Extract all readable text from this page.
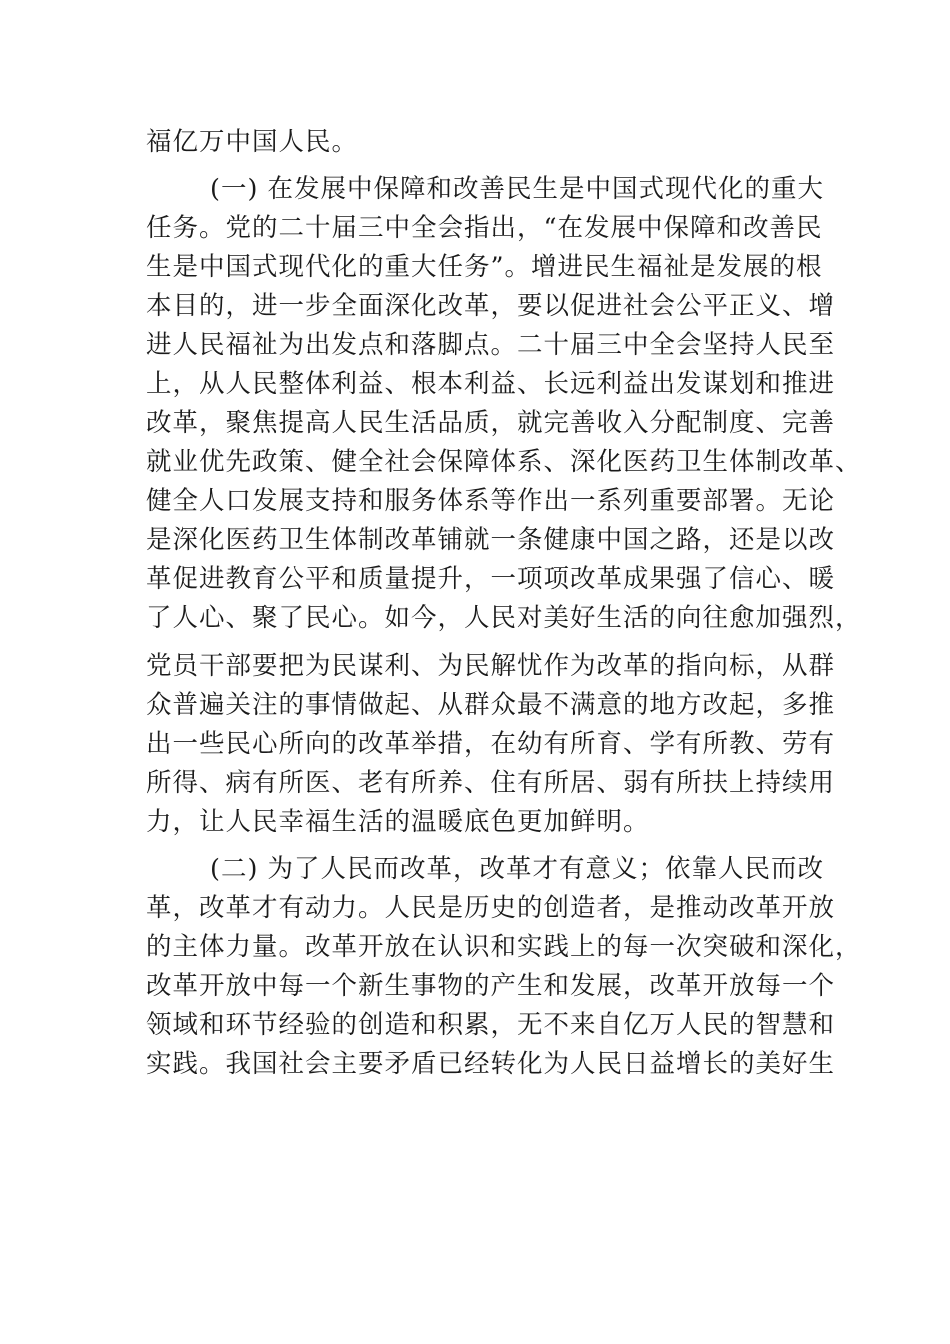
福亿万中国人民。
(一) 在发展中保障和改善民生是中国式现代化的重大
任务。党的二十届三中全会指出，“在发展中保障和改善民
生是中国式现代化的重大任务”。增进民生福祉是发展的根
本目的，进一步全面深化改革，要以促进社会公平正义、增
进人民福祉为出发点和落脚点。二十届三中全会坚持人民至
上，从人民整体利益、根本利益、长远利益出发谋划和推进
改革，聚焦提高人民生活品质，就完善收入分配制度、完善
就业优先政策、健全社会保障体系、深化医药卫生体制改革、
健全人口发展支持和服务体系等作出一系列重要部署。无论
是深化医药卫生体制改革铺就一条健康中国之路，还是以改
革促进教育公平和质量提升，一项项改革成果强了信心、暖
了人心、聚了民心。如今，人民对美好生活的向往愈加强烈，
党员干部要把为民谋利、为民解忧作为改革的指向标，从群
众普遍关注的事情做起、从群众最不满意的地方改起，多推
出一些民心所向的改革举措，在幼有所育、学有所教、劳有
所得、病有所医、老有所养、住有所居、弱有所扶上持续用
力，让人民幸福生活的温暖底色更加鲜明。
(二) 为了人民而改革，改革才有意义；依靠人民而改
革，改革才有动力。人民是历史的创造者，是推动改革开放
的主体力量。改革开放在认识和实践上的每一次突破和深化，
改革开放中每一个新生事物的产生和发展，改革开放每一个
领域和环节经验的创造和积累，无不来自亿万人民的智慧和
实践。我国社会主要矛盾已经转化为人民日益增长的美好生
